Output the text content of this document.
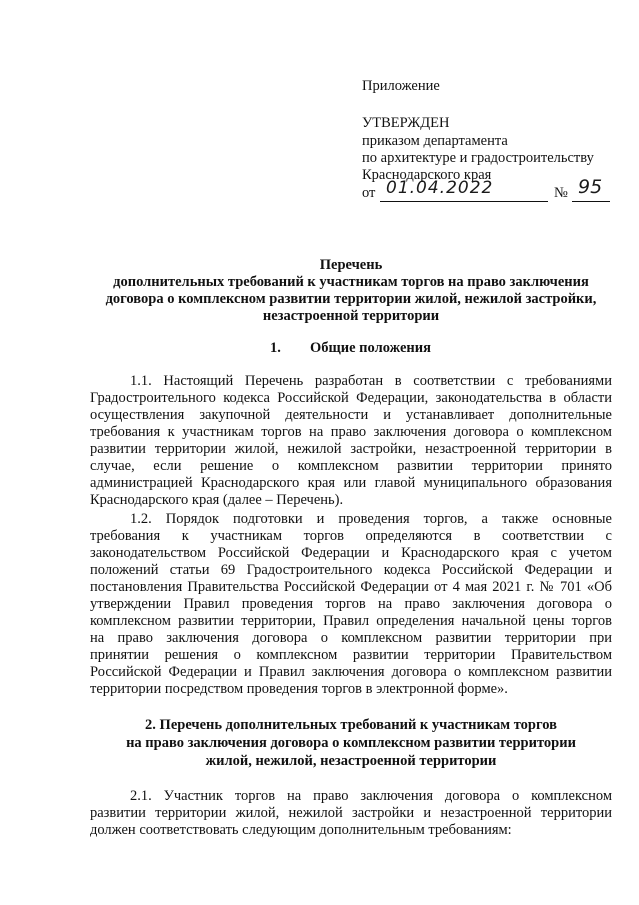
Приложение
УТВЕРЖДЕН
приказом департамента
по архитектуре и градостроительству
Краснодарского края
от 01.04.2022	№ 95
Перечень
дополнительных требований к участникам торгов на право заключения
договора о комплексном развитии территории жилой, нежилой застройки,
незастроенной территории
1. Общие положения
1.1. Настоящий Перечень разработан в соответствии с требованиями
Градостроительного кодекса Российской Федерации, законодательства в области
осуществления закупочной деятельности и устанавливает дополнительные
требования к участникам торгов на право заключения договора о комплексном
развитии территории жилой, нежилой застройки, незастроенной территории в
случае, если решение о комплексном развитии территории принято
администрацией Краснодарского края или главой муниципального образования
Краснодарского края (далее – Перечень).
1.2. Порядок подготовки и проведения торгов, а также основные
требования к участникам торгов определяются в соответствии с
законодательством Российской Федерации и Краснодарского края с учетом
положений статьи 69 Градостроительного кодекса Российской Федерации и
постановления Правительства Российской Федерации от 4 мая 2021 г. № 701 «Об
утверждении Правил проведения торгов на право заключения договора о
комплексном развитии территории, Правил определения начальной цены торгов
на право заключения договора о комплексном развитии территории при
принятии решения о комплексном развитии территории Правительством
Российской Федерации и Правил заключения договора о комплексном развитии
территории посредством проведения торгов в электронной форме».
2. Перечень дополнительных требований к участникам торгов
на право заключения договора о комплексном развитии территории
жилой, нежилой, незастроенной территории
2.1. Участник торгов на право заключения договора о комплексном
развитии территории жилой, нежилой застройки и незастроенной территории
должен соответствовать следующим дополнительным требованиям:
